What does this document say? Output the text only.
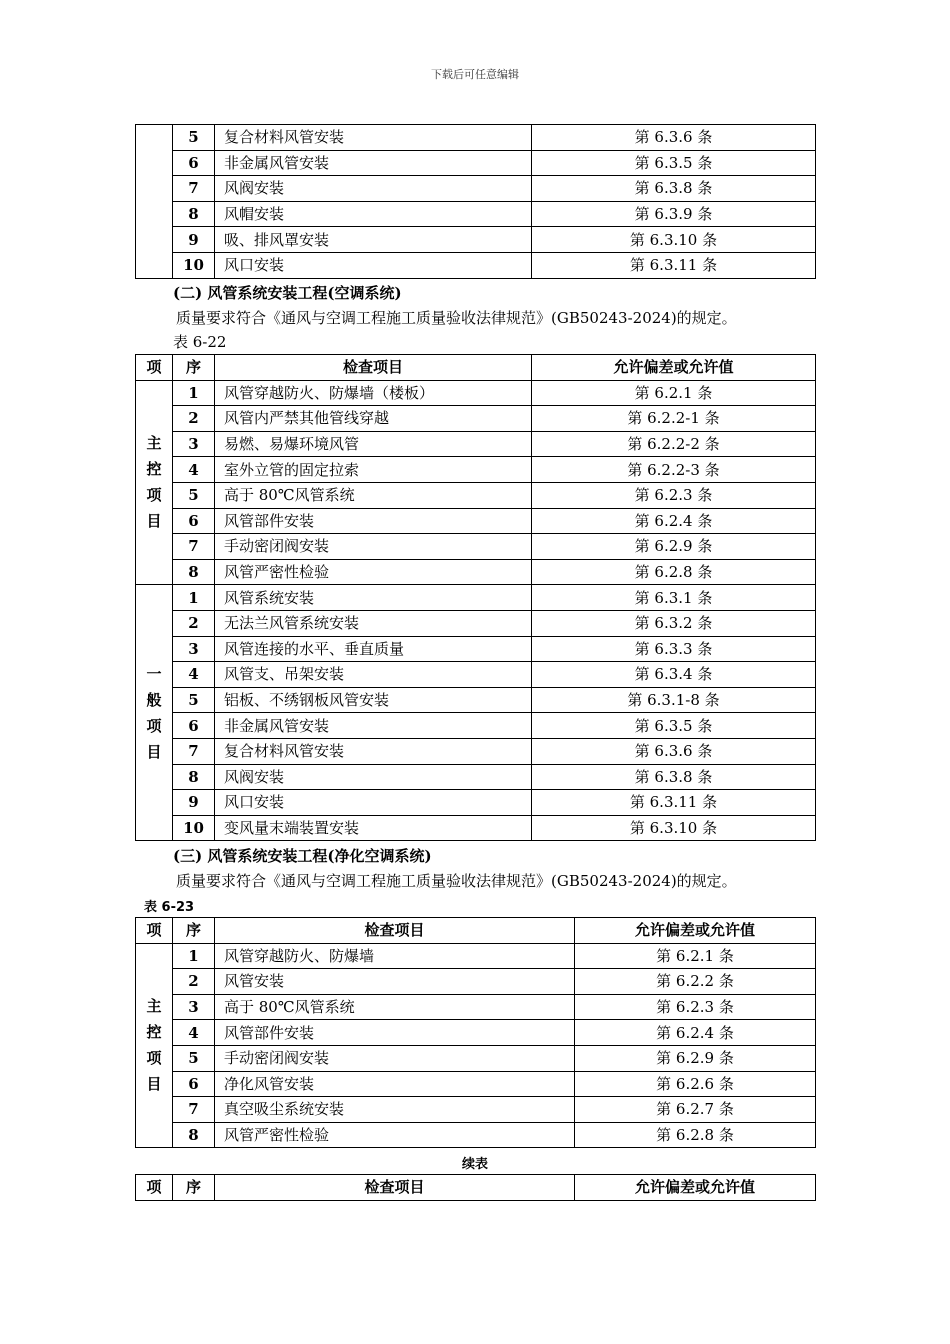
下载后可任意编辑
	5	复合材料风管安装	第 6.3.6 条
	6	非金属风管安装	第 6.3.5 条
	7	风阀安装	第 6.3.8 条
	8	风帽安装	第 6.3.9 条
	9	吸、排风罩安装	第 6.3.10 条
	10	风口安装	第 6.3.11 条
(二) 风管系统安装工程(空调系统)
质量要求符合《通风与空调工程施工质量验收法律规范》(GB50243-2024)的规定。
表 6-22
项	序	检查项目	允许偏差或允许值

主
控
项
目	1	风管穿越防火、防爆墙（楼板）	第 6.2.1 条
	2	风管内严禁其他管线穿越	第 6.2.2-1 条
	3	易燃、易爆环境风管	第 6.2.2-2 条
	4	室外立管的固定拉索	第 6.2.2-3 条
	5	高于 80℃风管系统	第 6.2.3 条
	6	风管部件安装	第 6.2.4 条
	7	手动密闭阀安装	第 6.2.9 条
	8	风管严密性检验	第 6.2.8 条

一
般
项
目	1	风管系统安装	第 6.3.1 条
	2	无法兰风管系统安装	第 6.3.2 条
	3	风管连接的水平、垂直质量	第 6.3.3 条
	4	风管支、吊架安装	第 6.3.4 条
	5	铝板、不绣钢板风管安装	第 6.3.1-8 条
	6	非金属风管安装	第 6.3.5 条
	7	复合材料风管安装	第 6.3.6 条
	8	风阀安装	第 6.3.8 条
	9	风口安装	第 6.3.11 条
	10	变风量末端装置安装	第 6.3.10 条
(三) 风管系统安装工程(净化空调系统)
质量要求符合《通风与空调工程施工质量验收法律规范》(GB50243-2024)的规定。
表 6-23
项	序	检查项目	允许偏差或允许值

主
控
项
目	1	风管穿越防火、防爆墙	第 6.2.1 条
	2	风管安装	第 6.2.2 条
	3	高于 80℃风管系统	第 6.2.3 条
	4	风管部件安装	第 6.2.4 条
	5	手动密闭阀安装	第 6.2.9 条
	6	净化风管安装	第 6.2.6 条
	7	真空吸尘系统安装	第 6.2.7 条
	8	风管严密性检验	第 6.2.8 条
续表
项	序	检查项目	允许偏差或允许值
